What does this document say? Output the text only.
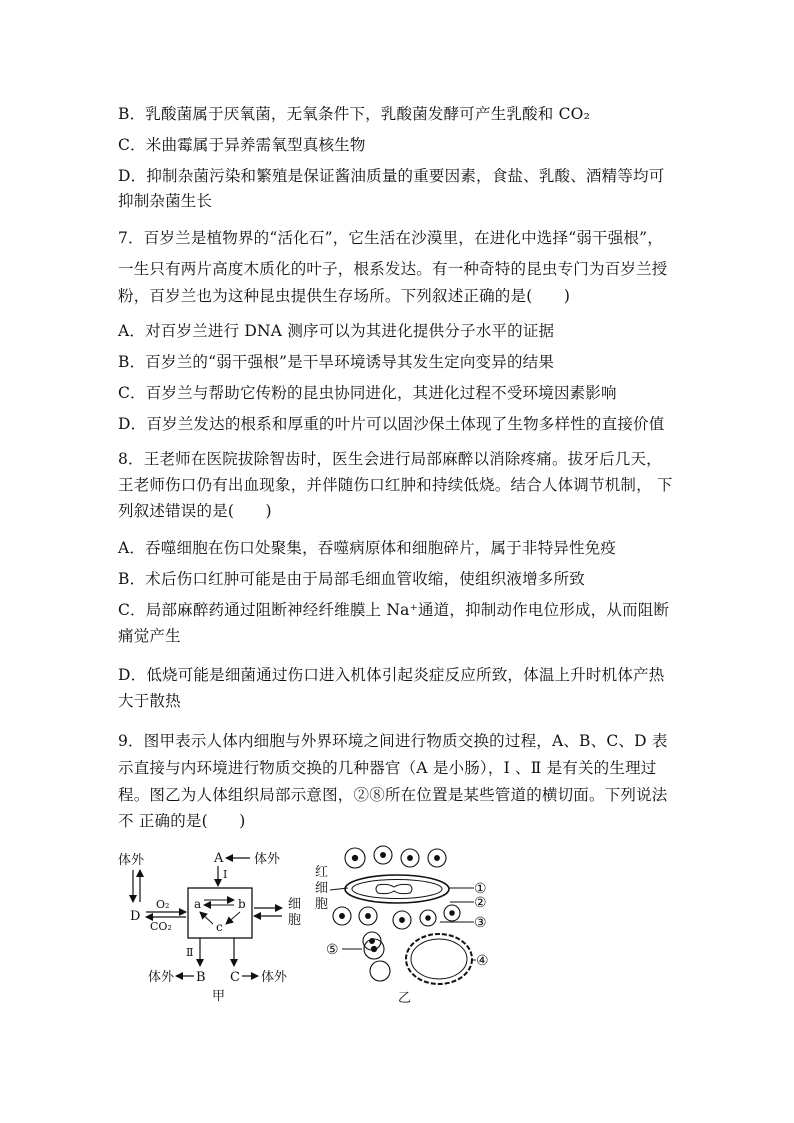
B．乳酸菌属于厌氧菌，无氧条件下，乳酸菌发酵可产生乳酸和 CO₂
C．米曲霉属于异养需氧型真核生物
D．抑制杂菌污染和繁殖是保证酱油质量的重要因素，食盐、乳酸、酒精等均可
抑制杂菌生长
7．百岁兰是植物界的“活化石”，它生活在沙漠里，在进化中选择“弱干强根”，
一生只有两片高度木质化的叶子，根系发达。有一种奇特的昆虫专门为百岁兰授
粉，百岁兰也为这种昆虫提供生存场所。下列叙述正确的是(　　)
A．对百岁兰进行 DNA 测序可以为其进化提供分子水平的证据
B．百岁兰的“弱干强根”是干旱环境诱导其发生定向变异的结果
C．百岁兰与帮助它传粉的昆虫协同进化，其进化过程不受环境因素影响
D．百岁兰发达的根系和厚重的叶片可以固沙保土体现了生物多样性的直接价值
8．王老师在医院拔除智齿时，医生会进行局部麻醉以消除疼痛。拔牙后几天，
王老师伤口仍有出血现象，并伴随伤口红肿和持续低烧。结合人体调节机制， 下
列叙述错误的是(　　)
A．吞噬细胞在伤口处聚集，吞噬病原体和细胞碎片，属于非特异性免疫
B．术后伤口红肿可能是由于局部毛细血管收缩，使组织液增多所致
C．局部麻醉药通过阻断神经纤维膜上 Na⁺通道，抑制动作电位形成，从而阻断
痛觉产生
D．低烧可能是细菌通过伤口进入机体引起炎症反应所致，体温上升时机体产热
大于散热
9．图甲表示人体内细胞与外界环境之间进行物质交换的过程，A、B、C、D 表
示直接与内环境进行物质交换的几种器官（A 是小肠），Ⅰ 、Ⅱ 是有关的生理过
程。图乙为人体组织局部示意图，②⑧所在位置是某些管道的横切面。下列说法
不 正确的是(　　)
A 体外
I
体外
D
O₂
CO₂
a	b
c
细
胞
Ⅱ
B C
体外	体外
甲
红
细
胞
①
②
③
④
⑤
乙
